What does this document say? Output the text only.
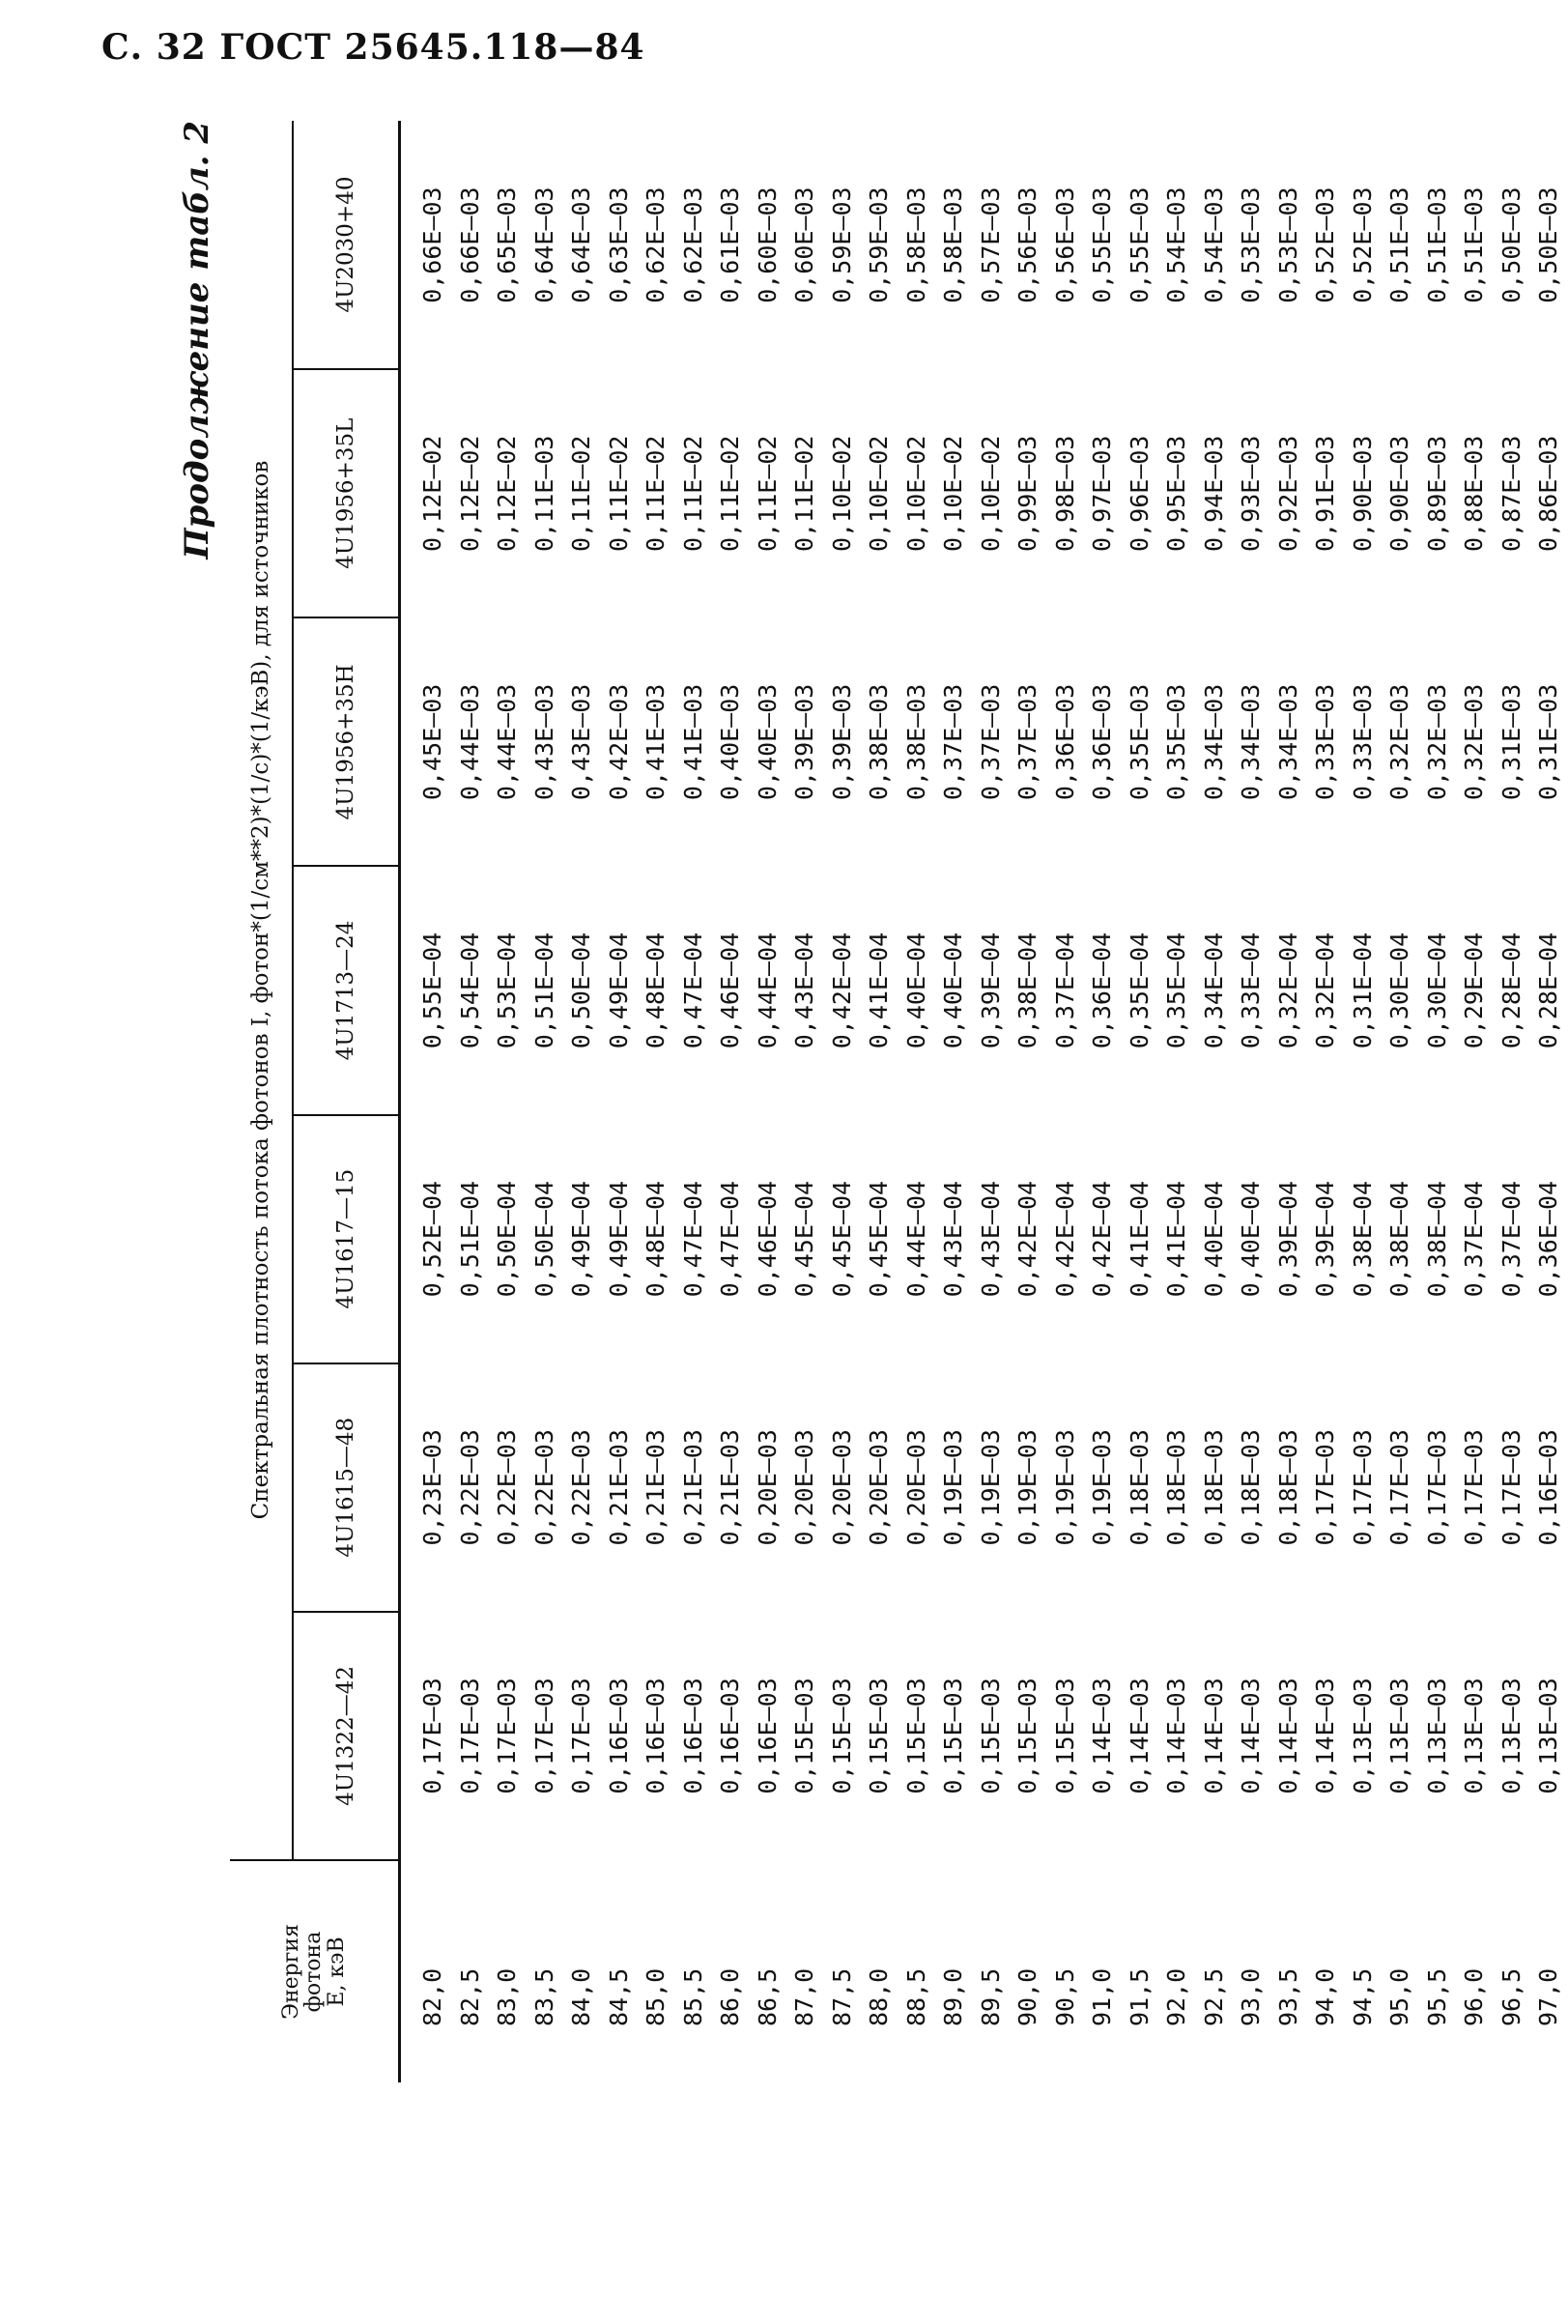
С. 32 ГОСТ 25645.118—84
Продолжение табл. 2
Энергия
фотона
E, кэВ	Спектральная плотность потока фотонов I, фотон*(1/см**2)*(1/с)*(1/кэВ), для источников						
	4U1322—42	4U1615—48	4U1617—15	4U1713—24	4U1956+35H	4U1956+35L	4U2030+40
82,0	0,17E—03	0,23E—03	0,52E—04	0,55E—04	0,45E—03	0,12E—02	0,66E—03
82,5	0,17E—03	0,22E—03	0,51E—04	0,54E—04	0,44E—03	0,12E—02	0,66E—03
83,0	0,17E—03	0,22E—03	0,50E—04	0,53E—04	0,44E—03	0,12E—02	0,65E—03
83,5	0,17E—03	0,22E—03	0,50E—04	0,51E—04	0,43E—03	0,11E—03	0,64E—03
84,0	0,17E—03	0,22E—03	0,49E—04	0,50E—04	0,43E—03	0,11E—02	0,64E—03
84,5	0,16E—03	0,21E—03	0,49E—04	0,49E—04	0,42E—03	0,11E—02	0,63E—03
85,0	0,16E—03	0,21E—03	0,48E—04	0,48E—04	0,41E—03	0,11E—02	0,62E—03
85,5	0,16E—03	0,21E—03	0,47E—04	0,47E—04	0,41E—03	0,11E—02	0,62E—03
86,0	0,16E—03	0,21E—03	0,47E—04	0,46E—04	0,40E—03	0,11E—02	0,61E—03
86,5	0,16E—03	0,20E—03	0,46E—04	0,44E—04	0,40E—03	0,11E—02	0,60E—03
87,0	0,15E—03	0,20E—03	0,45E—04	0,43E—04	0,39E—03	0,11E—02	0,60E—03
87,5	0,15E—03	0,20E—03	0,45E—04	0,42E—04	0,39E—03	0,10E—02	0,59E—03
88,0	0,15E—03	0,20E—03	0,45E—04	0,41E—04	0,38E—03	0,10E—02	0,59E—03
88,5	0,15E—03	0,20E—03	0,44E—04	0,40E—04	0,38E—03	0,10E—02	0,58E—03
89,0	0,15E—03	0,19E—03	0,43E—04	0,40E—04	0,37E—03	0,10E—02	0,58E—03
89,5	0,15E—03	0,19E—03	0,43E—04	0,39E—04	0,37E—03	0,10E—02	0,57E—03
90,0	0,15E—03	0,19E—03	0,42E—04	0,38E—04	0,37E—03	0,99E—03	0,56E—03
90,5	0,15E—03	0,19E—03	0,42E—04	0,37E—04	0,36E—03	0,98E—03	0,56E—03
91,0	0,14E—03	0,19E—03	0,42E—04	0,36E—04	0,36E—03	0,97E—03	0,55E—03
91,5	0,14E—03	0,18E—03	0,41E—04	0,35E—04	0,35E—03	0,96E—03	0,55E—03
92,0	0,14E—03	0,18E—03	0,41E—04	0,35E—04	0,35E—03	0,95E—03	0,54E—03
92,5	0,14E—03	0,18E—03	0,40E—04	0,34E—04	0,34E—03	0,94E—03	0,54E—03
93,0	0,14E—03	0,18E—03	0,40E—04	0,33E—04	0,34E—03	0,93E—03	0,53E—03
93,5	0,14E—03	0,18E—03	0,39E—04	0,32E—04	0,34E—03	0,92E—03	0,53E—03
94,0	0,14E—03	0,17E—03	0,39E—04	0,32E—04	0,33E—03	0,91E—03	0,52E—03
94,5	0,13E—03	0,17E—03	0,38E—04	0,31E—04	0,33E—03	0,90E—03	0,52E—03
95,0	0,13E—03	0,17E—03	0,38E—04	0,30E—04	0,32E—03	0,90E—03	0,51E—03
95,5	0,13E—03	0,17E—03	0,38E—04	0,30E—04	0,32E—03	0,89E—03	0,51E—03
96,0	0,13E—03	0,17E—03	0,37E—04	0,29E—04	0,32E—03	0,88E—03	0,51E—03
96,5	0,13E—03	0,17E—03	0,37E—04	0,28E—04	0,31E—03	0,87E—03	0,50E—03
97,0	0,13E—03	0,16E—03	0,36E—04	0,28E—04	0,31E—03	0,86E—03	0,50E—03
